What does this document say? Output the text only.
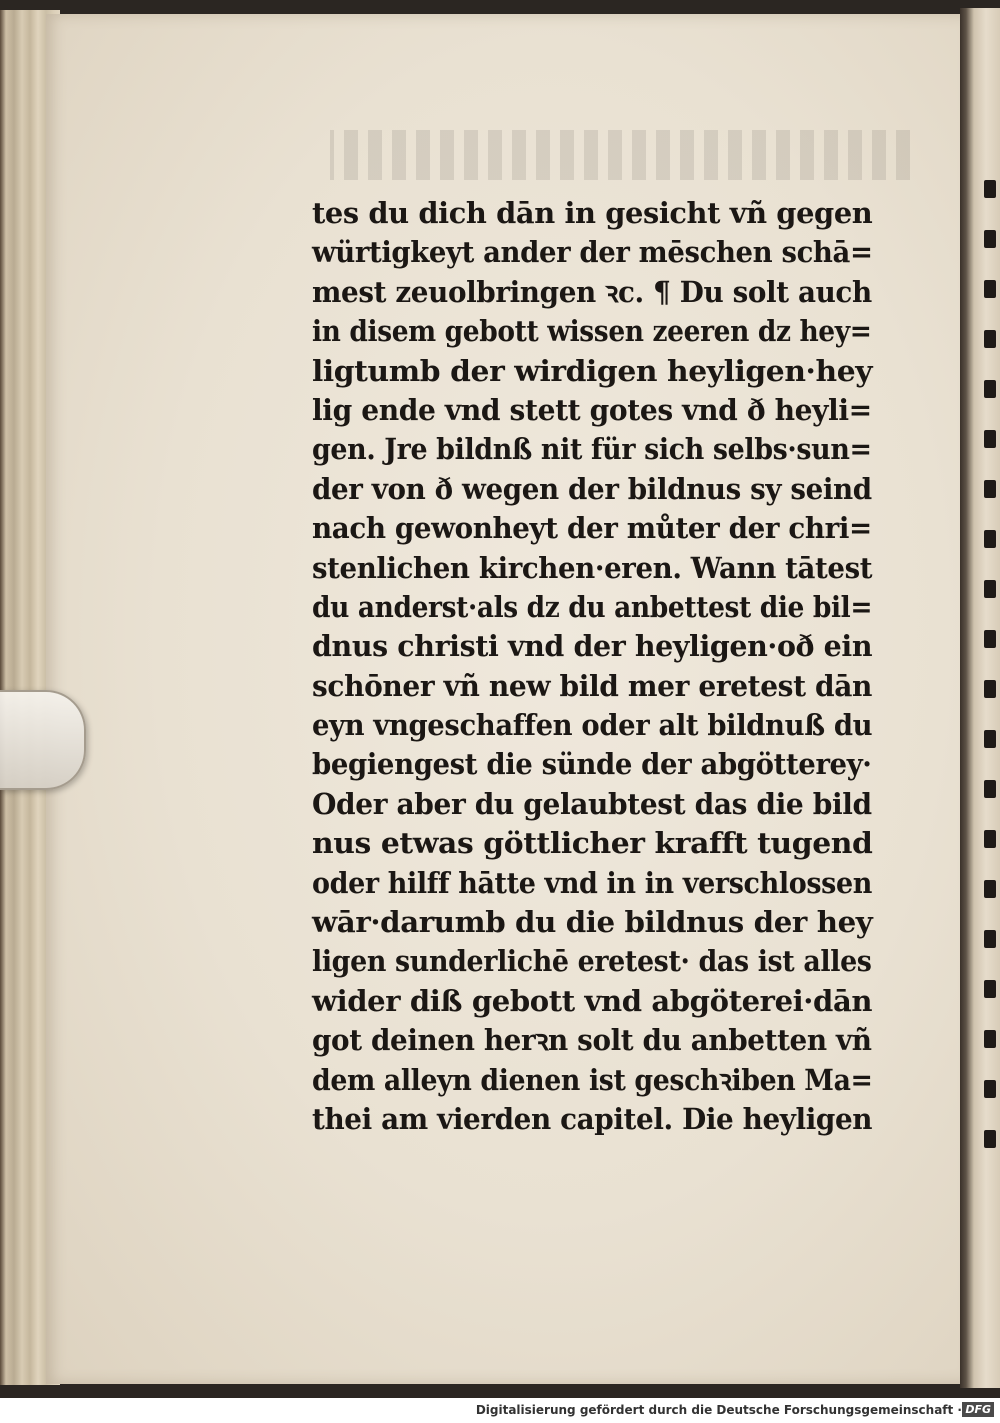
tes du dich dān in gesicht vñ gegen
würtigkeyt ander der mēschen schā=
mest zeuolbringen ꝛc. ¶ Du solt auch
in disem gebott wissen zeeren dz hey=
ligtumb der wirdigen heyligen·hey
lig ende vnd stett gotes vnd ð heyli=
gen. Jre bildnß nit für sich selbs·sun=
der von ð wegen der bildnus sy seind
nach gewonheyt der můter der chri=
stenlichen kirchen·eren. Wann tātest
du anderst·als dz du anbettest die bil=
dnus christi vnd der heyligen·oð ein
schōner vñ new bild mer eretest dān
eyn vngeschaffen oder alt bildnuß du
begiengest die sünde der abgötterey·
Oder aber du gelaubtest das die bild
nus etwas göttlicher krafft tugend
oder hilff hātte vnd in in verschlossen
wār·darumb du die bildnus der hey
ligen sunderlichē eretest· das ist alles
wider diß gebott vnd abgöterei·dān
got deinen herꝛn solt du anbetten vñ
dem alleyn dienen ist geschꝛiben Ma=
thei am vierden capitel. Die heyligen
Digitalisierung gefördert durch die Deutsche Forschungsgemeinschaft · DFG
